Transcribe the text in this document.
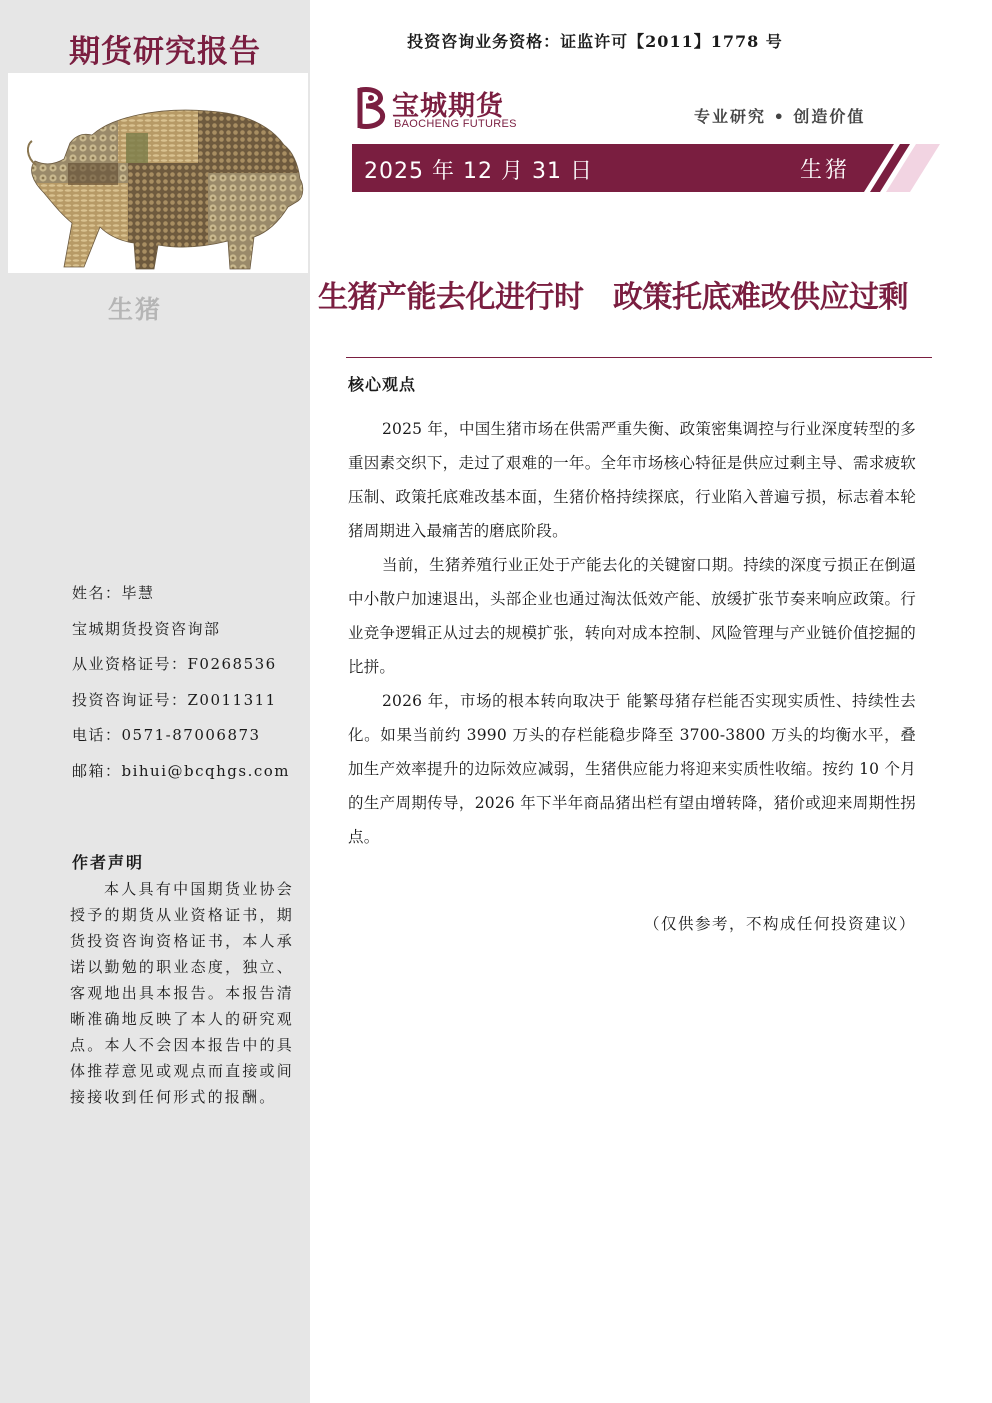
期货研究报告
生猪
姓名：毕慧
宝城期货投资咨询部
从业资格证号：F0268536
投资咨询证号：Z0011311
电话：0571-87006873
邮箱：bihui@bcqhgs.com
作者声明
本人具有中国期货业协会授予的期货从业资格证书，期货投资咨询资格证书，本人承诺以勤勉的职业态度，独立、客观地出具本报告。本报告清晰准确地反映了本人的研究观点。本人不会因本报告中的具体推荐意见或观点而直接或间接接收到任何形式的报酬。
投资咨询业务资格：证监许可【2011】1778 号
宝城期货
BAOCHENG FUTURES	专业研究 • 创造价值
2025 年 12 月 31 日	生猪
生猪产能去化进行时　政策托底难改供应过剩
核心观点

2025 年，中国生猪市场在供需严重失衡、政策密集调控与行业深度转型的多重因素交织下，走过了艰难的一年。全年市场核心特征是供应过剩主导、需求疲软压制、政策托底难改基本面，生猪价格持续探底，行业陷入普遍亏损，标志着本轮猪周期进入最痛苦的磨底阶段。

当前，生猪养殖行业正处于产能去化的关键窗口期。持续的深度亏损正在倒逼中小散户加速退出，头部企业也通过淘汰低效产能、放缓扩张节奏来响应政策。行业竞争逻辑正从过去的规模扩张，转向对成本控制、风险管理与产业链价值挖掘的比拼。

2026 年，市场的根本转向取决于 能繁母猪存栏能否实现实质性、持续性去化。如果当前约 3990 万头的存栏能稳步降至 3700-3800 万头的均衡水平，叠加生产效率提升的边际效应减弱，生猪供应能力将迎来实质性收缩。按约 10 个月的生产周期传导，2026 年下半年商品猪出栏有望由增转降，猪价或迎来周期性拐点。

（仅供参考，不构成任何投资建议）
